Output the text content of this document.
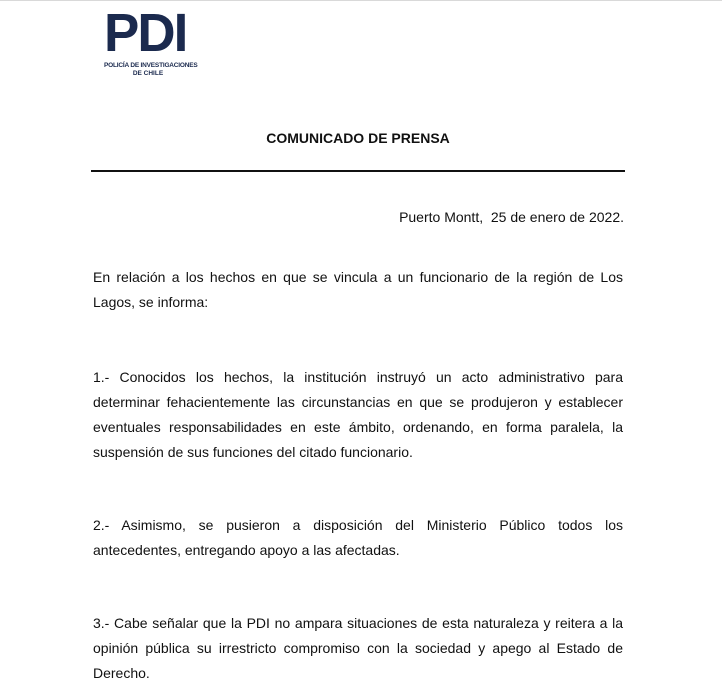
PDI
POLICÍA DE INVESTIGACIONES
DE CHILE
COMUNICADO DE PRENSA
Puerto Montt,  25 de enero de 2022.

En relación a los hechos en que se vincula a un funcionario de la región de Los Lagos, se informa:

1.- Conocidos los hechos, la institución instruyó un acto administrativo para determinar fehacientemente las circunstancias en que se produjeron y establecer eventuales responsabilidades en este ámbito, ordenando, en forma paralela, la suspensión de sus funciones del citado funcionario.

2.- Asimismo, se pusieron a disposición del Ministerio Público todos los antecedentes, entregando apoyo a las afectadas.

3.- Cabe señalar que la PDI no ampara situaciones de esta naturaleza y reitera a la opinión pública su irrestricto compromiso con la sociedad y apego al Estado de Derecho.
